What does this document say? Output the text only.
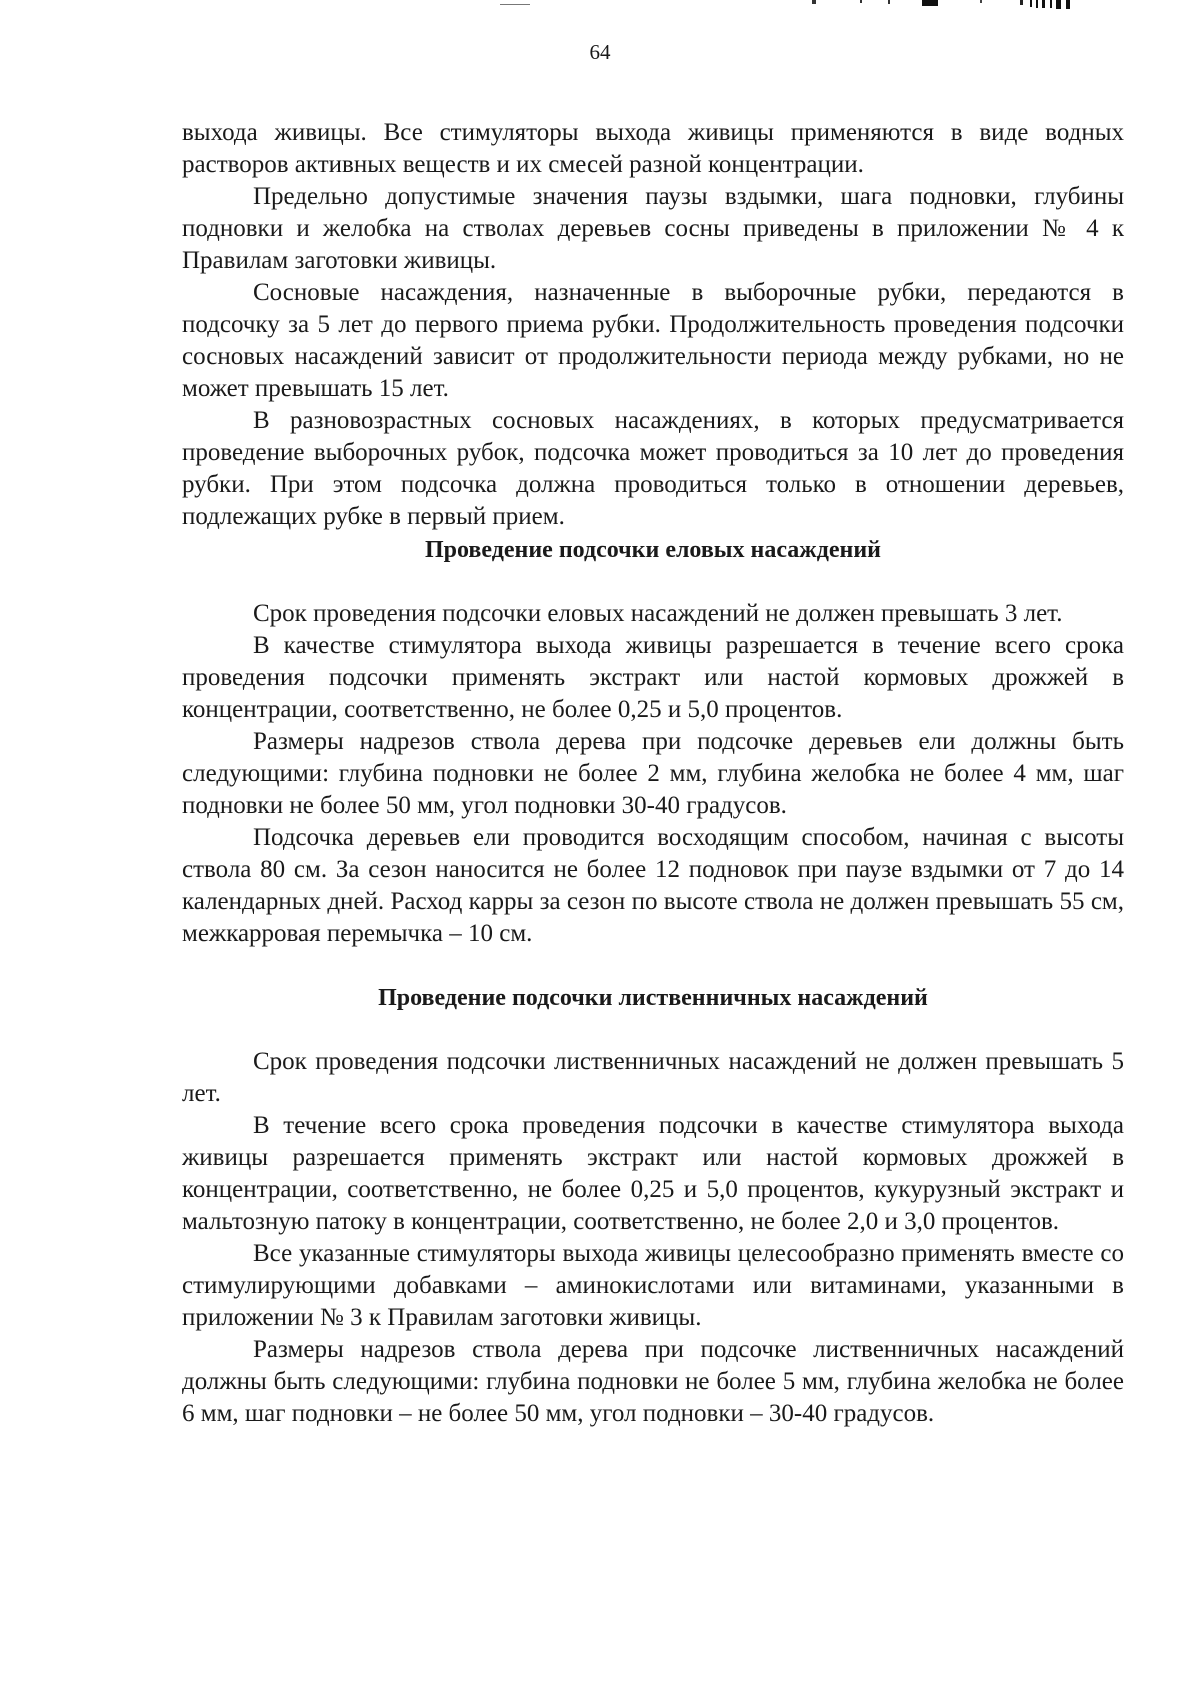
64

выхода живицы. Все стимуляторы выхода живицы применяются в виде водных растворов активных веществ и их смесей разной концентрации.

Предельно допустимые значения паузы вздымки, шага подновки, глубины подновки и желобка на стволах деревьев сосны приведены в приложении № 4 к Правилам заготовки живицы.

Сосновые насаждения, назначенные в выборочные рубки, передаются в подсочку за 5 лет до первого приема рубки. Продолжительность проведения подсочки сосновых насаждений зависит от продолжительности периода между рубками, но не может превышать 15 лет.

В разновозрастных сосновых насаждениях, в которых предусматривается проведение выборочных рубок, подсочка может проводиться за 10 лет до проведения рубки. При этом подсочка должна проводиться только в отношении деревьев, подлежащих рубке в первый прием.

Проведение подсочки еловых насаждений

Срок проведения подсочки еловых насаждений не должен превышать 3 лет.

В качестве стимулятора выхода живицы разрешается в течение всего срока проведения подсочки применять экстракт или настой кормовых дрожжей в концентрации, соответственно, не более 0,25 и 5,0 процентов.

Размеры надрезов ствола дерева при подсочке деревьев ели должны быть следующими: глубина подновки не более 2 мм, глубина желобка не более 4 мм, шаг подновки не более 50 мм, угол подновки 30-40 градусов.

Подсочка деревьев ели проводится восходящим способом, начиная с высоты ствола 80 см. За сезон наносится не более 12 подновок при паузе вздымки от 7 до 14 календарных дней. Расход карры за сезон по высоте ствола не должен превышать 55 см, межкарровая перемычка – 10 см.

Проведение подсочки лиственничных насаждений

Срок проведения подсочки лиственничных насаждений не должен превышать 5 лет.

В течение всего срока проведения подсочки в качестве стимулятора выхода живицы разрешается применять экстракт или настой кормовых дрожжей в концентрации, соответственно, не более 0,25 и 5,0 процентов, кукурузный экстракт и мальтозную патоку в концентрации, соответственно, не более 2,0 и 3,0 процентов.

Все указанные стимуляторы выхода живицы целесообразно применять вместе со стимулирующими добавками – аминокислотами или витаминами, указанными в приложении № 3 к Правилам заготовки живицы.

Размеры надрезов ствола дерева при подсочке лиственничных насаждений должны быть следующими: глубина подновки не более 5 мм, глубина желобка не более 6 мм, шаг подновки – не более 50 мм, угол подновки – 30-40 градусов.
